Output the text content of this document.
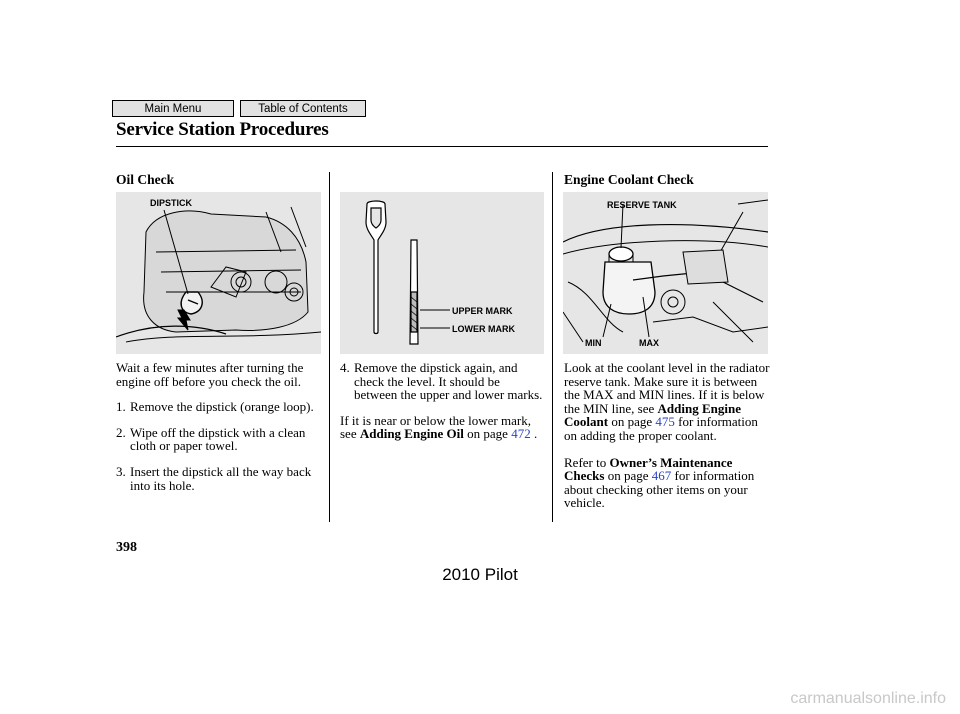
Main Menu	Table of Contents
Service Station Procedures
Oil Check
DIPSTICK

Wait a few minutes after turning the engine off before you check the oil.

1. Remove the dipstick (orange loop).
2. Wipe off the dipstick with a clean cloth or paper towel.
3. Insert the dipstick all the way back into its hole.
UPPER MARK
LOWER MARK
4. Remove the dipstick again, and check the level. It should be between the upper and lower marks.

If it is near or below the lower mark, see Adding Engine Oil on page 472 .

Engine Coolant Check
RESERVE TANK
MIN	MAX

Look at the coolant level in the radiator reserve tank. Make sure it is between the MAX and MIN lines. If it is below the MIN line, see Adding Engine Coolant on page 475 for information on adding the proper coolant.

Refer to Owner’s Maintenance Checks on page 467 for information about checking other items on your vehicle.

398
2010 Pilot
carmanualsonline.info
